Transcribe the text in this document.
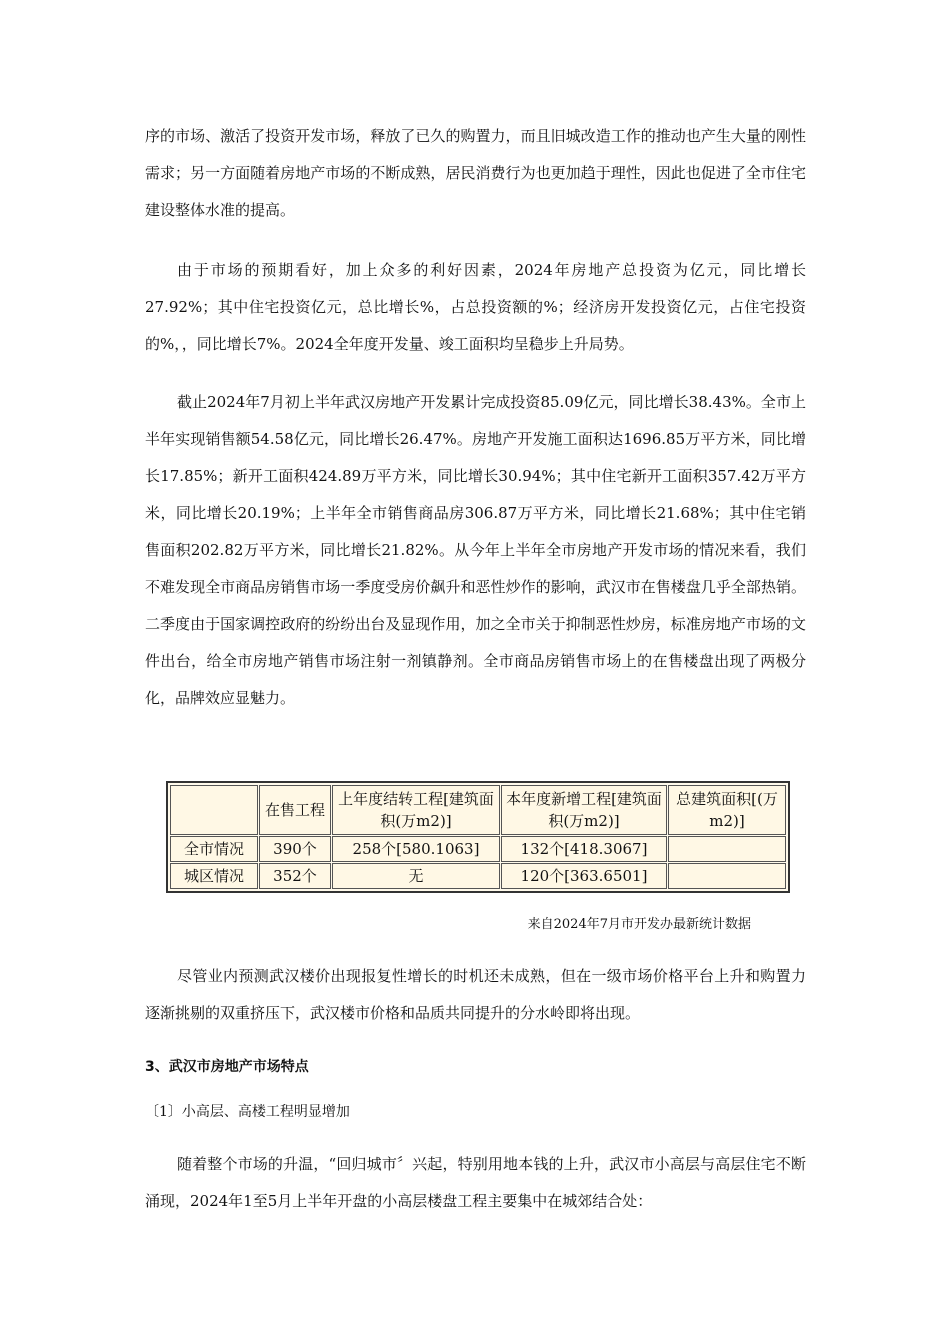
序的市场、激活了投资开发市场，释放了已久的购置力，而且旧城改造工作的推动也产生大量的刚性需求；另一方面随着房地产市场的不断成熟，居民消费行为也更加趋于理性，因此也促进了全市住宅建设整体水准的提高。

由于市场的预期看好，加上众多的利好因素，2024年房地产总投资为亿元，同比增长27.92%；其中住宅投资亿元，总比增长%，占总投资额的%；经济房开发投资亿元，占住宅投资的%，，同比增长7%。2024全年度开发量、竣工面积均呈稳步上升局势。

截止2024年7月初上半年武汉房地产开发累计完成投资85.09亿元，同比增长38.43%。全市上半年实现销售额54.58亿元，同比增长26.47%。房地产开发施工面积达1696.85万平方米，同比增长17.85%；新开工面积424.89万平方米，同比增长30.94%；其中住宅新开工面积357.42万平方米，同比增长20.19%；上半年全市销售商品房306.87万平方米，同比增长21.68%；其中住宅销售面积202.82万平方米，同比增长21.82%。从今年上半年全市房地产开发市场的情况来看，我们不难发现全市商品房销售市场一季度受房价飙升和恶性炒作的影响，武汉市在售楼盘几乎全部热销。二季度由于国家调控政府的纷纷出台及显现作用，加之全市关于抑制恶性炒房，标准房地产市场的文件出台，给全市房地产销售市场注射一剂镇静剂。全市商品房销售市场上的在售楼盘出现了两极分化，品牌效应显魅力。

	在售工程	上年度结转工程[建筑面积(万m2)]	本年度新增工程[建筑面积(万m2)]	总建筑面积[(万m2)]
全市情况	390个	258个[580.1063]	132个[418.3067]	
城区情况	352个	无	120个[363.6501]	
来自2024年7月市开发办最新统计数据

尽管业内预测武汉楼价出现报复性增长的时机还未成熟，但在一级市场价格平台上升和购置力逐渐挑剔的双重挤压下，武汉楼市价格和品质共同提升的分水岭即将出现。

3、武汉市房地产市场特点
〔1〕小高层、高楼工程明显增加

随着整个市场的升温，“回归城市〞兴起，特别用地本钱的上升，武汉市小高层与高层住宅不断涌现，2024年1至5月上半年开盘的小高层楼盘工程主要集中在城郊结合处：
